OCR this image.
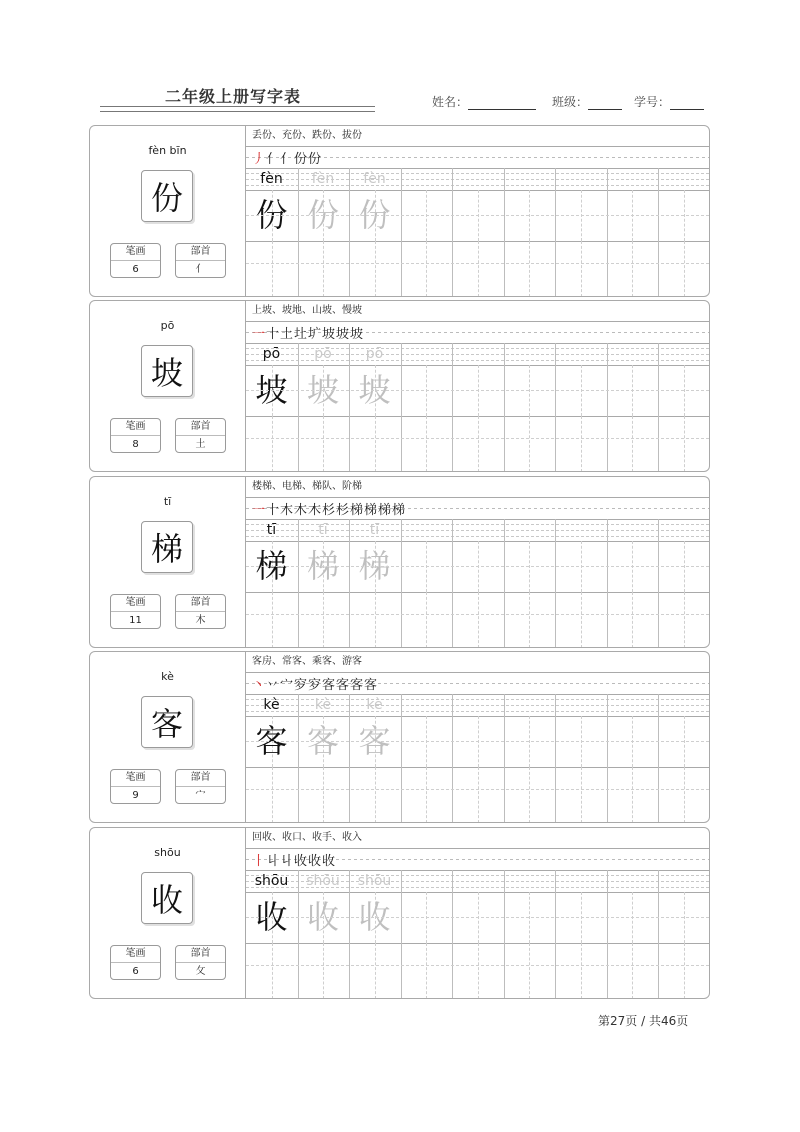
二年级上册写字表	姓名：	班级：	学号：
fèn bīn
份
笔画
6
部首
亻
丢份、充份、跌份、拔份
丿 亻 亻 份 份
fèn	fèn	fèn
份 份 份
pō
坡
笔画
8
部首
土
上坡、坡地、山坡、慢坡
一 十 土 圵 圹 坡 坡 坡
pō	pō	pō
坡 坡 坡
tī
梯
笔画
11
部首
木
楼梯、电梯、梯队、阶梯
一 十 木 木 木 杉 杉 梯 梯 梯 梯
tī	tī	tī
梯 梯 梯
kè
客
笔画
9
部首
宀
客房、常客、乘客、游客
丶 丷 宀 穸 穸 客 客 客 客
kè	kè	kè
客 客 客
shōu
收
笔画
6
部首
攵
回收、收口、收手、收入
丨 丩 丩 收 收 收
shōu	shōu	shōu
收 收 收
第27页 / 共46页
